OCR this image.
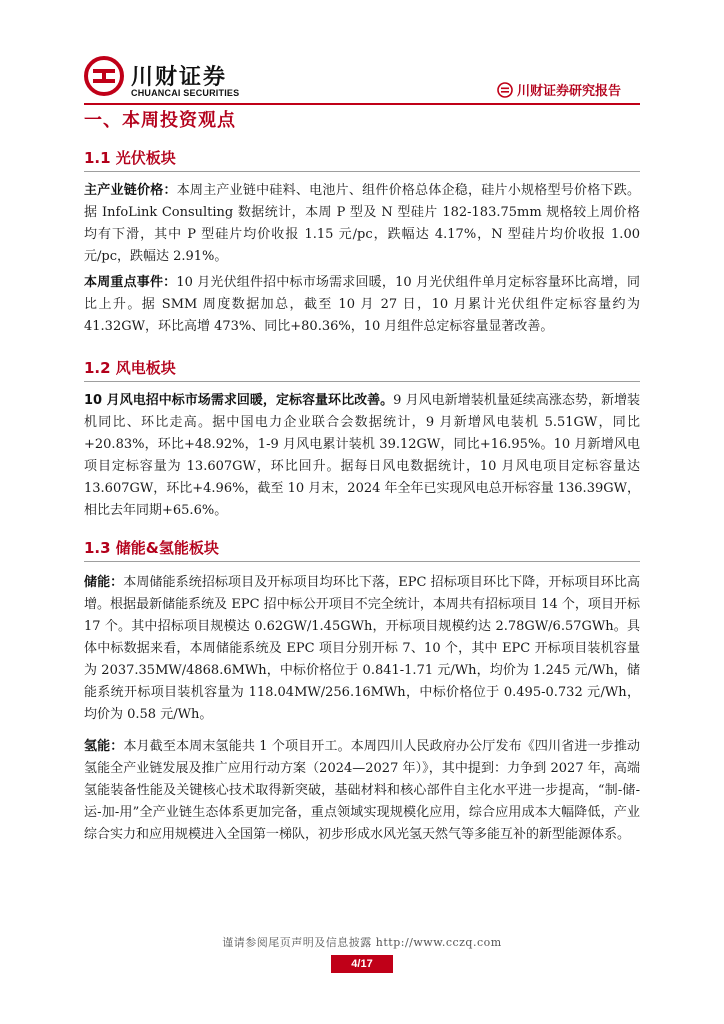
川财证券
CHUANCAI SECURITIES	川财证券研究报告
一、本周投资观点
1.1 光伏板块
主产业链价格：本周主产业链中硅料、电池片、组件价格总体企稳，硅片小规格型号价格下跌。据 InfoLink Consulting 数据统计，本周 P 型及 N 型硅片 182-183.75mm 规格较上周价格均有下滑，其中 P 型硅片均价收报 1.15 元/pc，跌幅达 4.17%，N 型硅片均价收报 1.00 元/pc，跌幅达 2.91%。
本周重点事件：10 月光伏组件招中标市场需求回暖，10 月光伏组件单月定标容量环比高增，同比上升。据 SMM 周度数据加总，截至 10 月 27 日，10 月累计光伏组件定标容量约为 41.32GW，环比高增 473%、同比+80.36%，10 月组件总定标容量显著改善。
1.2 风电板块
10 月风电招中标市场需求回暖，定标容量环比改善。9 月风电新增装机量延续高涨态势，新增装机同比、环比走高。据中国电力企业联合会数据统计，9 月新增风电装机 5.51GW，同比+20.83%，环比+48.92%，1-9 月风电累计装机 39.12GW，同比+16.95%。10 月新增风电项目定标容量为 13.607GW，环比回升。据每日风电数据统计，10 月风电项目定标容量达 13.607GW，环比+4.96%，截至 10 月末，2024 年全年已实现风电总开标容量 136.39GW，相比去年同期+65.6%。
1.3 储能&氢能板块
储能：本周储能系统招标项目及开标项目均环比下落，EPC 招标项目环比下降，开标项目环比高增。根据最新储能系统及 EPC 招中标公开项目不完全统计，本周共有招标项目 14 个，项目开标 17 个。其中招标项目规模达 0.62GW/1.45GWh，开标项目规模约达 2.78GW/6.57GWh。具体中标数据来看，本周储能系统及 EPC 项目分别开标 7、10 个，其中 EPC 开标项目装机容量为 2037.35MW/4868.6MWh，中标价格位于 0.841-1.71 元/Wh，均价为 1.245 元/Wh，储能系统开标项目装机容量为 118.04MW/256.16MWh，中标价格位于 0.495-0.732 元/Wh，均价为 0.58 元/Wh。
氢能：本月截至本周末氢能共 1 个项目开工。本周四川人民政府办公厅发布《四川省进一步推动氢能全产业链发展及推广应用行动方案（2024—2027 年）》，其中提到：力争到 2027 年，高端氢能装备性能及关键核心技术取得新突破，基础材料和核心部件自主化水平进一步提高，“制-储-运-加-用”全产业链生态体系更加完备，重点领域实现规模化应用，综合应用成本大幅降低，产业综合实力和应用规模进入全国第一梯队，初步形成水风光氢天然气等多能互补的新型能源体系。
谨请参阅尾页声明及信息披露 http://www.cczq.com
4/17
